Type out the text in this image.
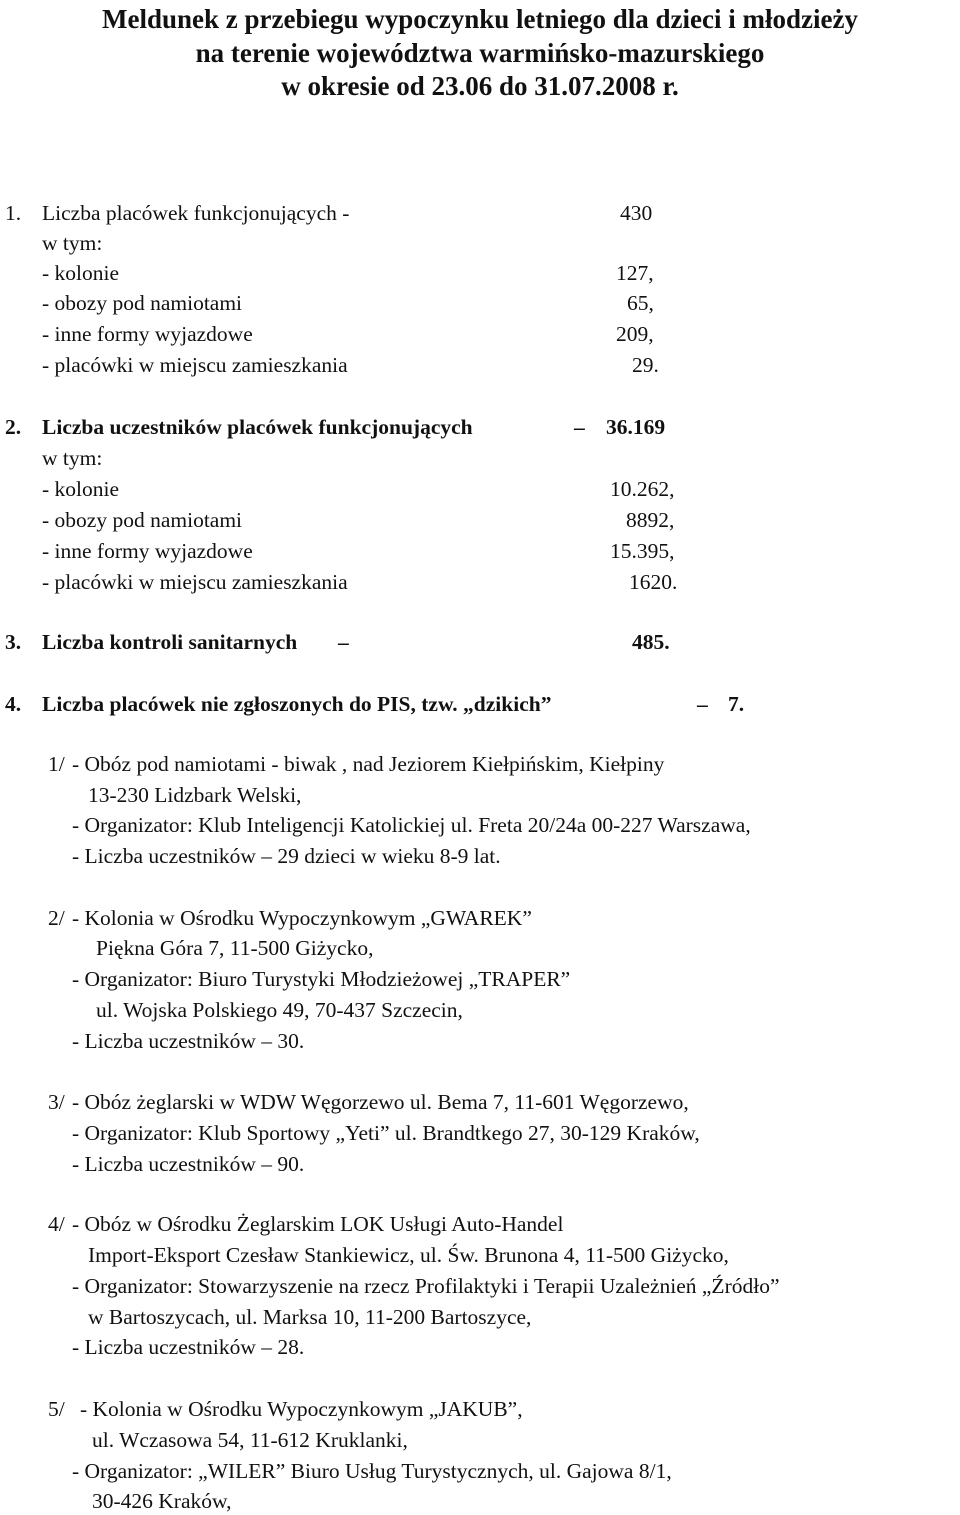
Meldunek z przebiegu wypoczynku letniego dla dzieci i młodzieży
na terenie województwa warmińsko-mazurskiego
w okresie od 23.06 do 31.07.2008 r.
1. Liczba placówek funkcjonujących -	430
w tym:
- kolonie	127,
- obozy pod namiotami	65,
- inne formy wyjazdowe	209,
- placówki w miejscu zamieszkania	29.
2. Liczba uczestników placówek funkcjonujących	– 36.169
w tym:
- kolonie	10.262,
- obozy pod namiotami	8892,
- inne formy wyjazdowe	15.395,
- placówki w miejscu zamieszkania	1620.
3. Liczba kontroli sanitarnych –	485.
4. Liczba placówek nie zgłoszonych do PIS, tzw. „dzikich”	– 7.
1/ - Obóz pod namiotami - biwak , nad Jeziorem Kiełpińskim, Kiełpiny
13-230 Lidzbark Welski,
- Organizator: Klub Inteligencji Katolickiej ul. Freta 20/24a 00-227 Warszawa,
- Liczba uczestników – 29 dzieci w wieku 8-9 lat.
2/ - Kolonia w Ośrodku Wypoczynkowym „GWAREK”
Piękna Góra 7, 11-500 Giżycko,
- Organizator: Biuro Turystyki Młodzieżowej „TRAPER”
ul. Wojska Polskiego 49, 70-437 Szczecin,
- Liczba uczestników – 30.
3/ - Obóz żeglarski w WDW Węgorzewo ul. Bema 7, 11-601 Węgorzewo,
- Organizator: Klub Sportowy „Yeti” ul. Brandtkego 27, 30-129 Kraków,
- Liczba uczestników – 90.
4/ - Obóz w Ośrodku Żeglarskim LOK Usługi Auto-Handel
Import-Eksport Czesław Stankiewicz, ul. Św. Brunona 4, 11-500 Giżycko,
- Organizator: Stowarzyszenie na rzecz Profilaktyki i Terapii Uzależnień „Źródło”
w Bartoszycach, ul. Marksa 10, 11-200 Bartoszyce,
- Liczba uczestników – 28.
5/ - Kolonia w Ośrodku Wypoczynkowym „JAKUB”,
ul. Wczasowa 54, 11-612 Kruklanki,
- Organizator: „WILER” Biuro Usług Turystycznych, ul. Gajowa 8/1,
30-426 Kraków,
